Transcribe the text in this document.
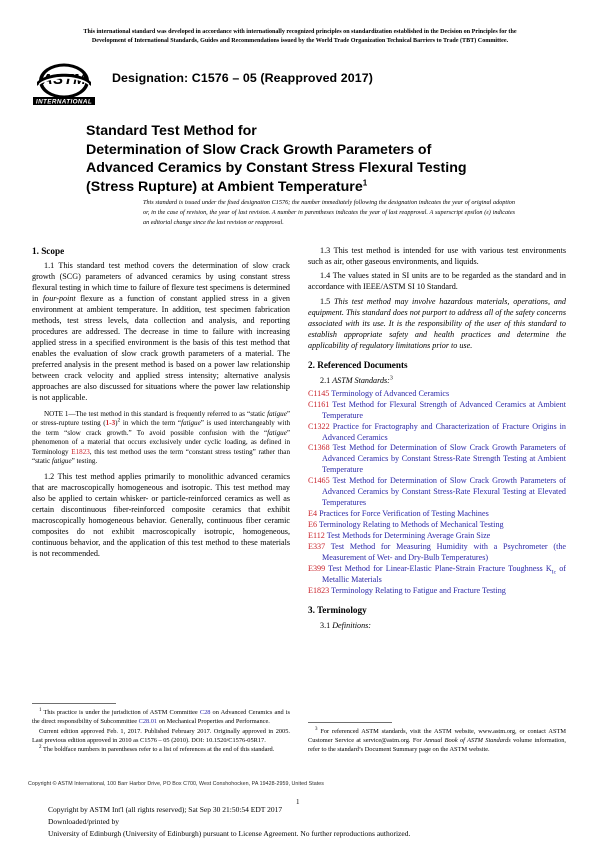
This international standard was developed in accordance with internationally recognized principles on standardization established in the Decision on Principles for the
Development of International Standards, Guides and Recommendations issued by the World Trade Organization Technical Barriers to Trade (TBT) Committee.
ASTM
INTERNATIONAL
Designation: C1576 – 05 (Reapproved 2017)
Standard Test Method for
Determination of Slow Crack Growth Parameters of
Advanced Ceramics by Constant Stress Flexural Testing
(Stress Rupture) at Ambient Temperature$^1$
This standard is issued under the fixed designation C1576; the number immediately following the designation indicates the year of original adoption or, in the case of revision, the year of last revision. A number in parentheses indicates the year of last reapproval. A superscript epsilon (ε) indicates an editorial change since the last revision or reapproval.
1. Scope

1.1 This standard test method covers the determination of slow crack growth (SCG) parameters of advanced ceramics by using constant stress flexural testing in which time to failure of flexure test specimens is determined in four-point flexure as a function of constant applied stress in a given environment at ambient temperature. In addition, test specimen fabrication methods, test stress levels, data collection and analysis, and reporting procedures are addressed. The decrease in time to failure with increasing applied stress in a specified environment is the basis of this test method that enables the evaluation of slow crack growth parameters of a material. The preferred analysis in the present method is based on a power law relationship between crack velocity and applied stress intensity; alternative analysis approaches are also discussed for situations where the power law relationship is not applicable.

NOTE 1—The test method in this standard is frequently referred to as “static fatigue” or stress-rupture testing $(1-3)^2$ in which the term “fatigue” is used interchangeably with the term “slow crack growth.” To avoid possible confusion with the “fatigue” phenomenon of a material that occurs exclusively under cyclic loading, as defined in Terminology E1823, this test method uses the term “constant stress testing” rather than “static fatigue” testing.

1.2 This test method applies primarily to monolithic advanced ceramics that are macroscopically homogeneous and isotropic. This test method may also be applied to certain whisker- or particle-reinforced ceramics as well as certain discontinuous fiber-reinforced composite ceramics that exhibit macroscopically homogeneous behavior. Generally, continuous fiber ceramic composites do not exhibit macroscopically isotropic, homogeneous, continuous behavior, and the application of this test method to these materials is not recommended.

1.3 This test method is intended for use with various test environments such as air, other gaseous environments, and liquids.

1.4 The values stated in SI units are to be regarded as the standard and in accordance with IEEE/ASTM SI 10 Standard.

1.5 This test method may involve hazardous materials, operations, and equipment. This standard does not purport to address all of the safety concerns associated with its use. It is the responsibility of the user of this standard to establish appropriate safety and health practices and determine the applicability of regulatory limitations prior to use.

2. Referenced Documents
2.1 ASTM Standards:$^3$
C1145 Terminology of Advanced Ceramics
C1161 Test Method for Flexural Strength of Advanced Ceramics at Ambient Temperature
C1322 Practice for Fractography and Characterization of Fracture Origins in Advanced Ceramics
C1368 Test Method for Determination of Slow Crack Growth Parameters of Advanced Ceramics by Constant Stress-Rate Strength Testing at Ambient Temperature
C1465 Test Method for Determination of Slow Crack Growth Parameters of Advanced Ceramics by Constant Stress-Rate Flexural Testing at Elevated Temperatures
E4 Practices for Force Verification of Testing Machines
E6 Terminology Relating to Methods of Mechanical Testing
E112 Test Methods for Determining Average Grain Size
E337 Test Method for Measuring Humidity with a Psychrometer (the Measurement of Wet- and Dry-Bulb Temperatures)
E399 Test Method for Linear-Elastic Plane-Strain Fracture Toughness $K_{Ic}$ of Metallic Materials
E1823 Terminology Relating to Fatigue and Fracture Testing
3. Terminology
3.1 Definitions:

$^1$ This practice is under the jurisdiction of ASTM Committee C28 on Advanced Ceramics and is the direct responsibility of Subcommittee C28.01 on Mechanical Properties and Performance.

Current edition approved Feb. 1, 2017. Published February 2017. Originally approved in 2005. Last previous edition approved in 2010 as C1576 – 05 (2010). DOI: 10.1520/C1576-05R17.

$^2$ The boldface numbers in parentheses refer to a list of references at the end of this standard.

$^3$ For referenced ASTM standards, visit the ASTM website, www.astm.org, or contact ASTM Customer Service at service@astm.org. For Annual Book of ASTM Standards volume information, refer to the standard’s Document Summary page on the ASTM website.

Copyright © ASTM International, 100 Barr Harbor Drive, PO Box C700, West Conshohocken, PA 19428-2959, United States
1
Copyright by ASTM Int'l (all rights reserved); Sat Sep 30 21:50:54 EDT 2017
Downloaded/printed by
University of Edinburgh (University of Edinburgh) pursuant to License Agreement. No further reproductions authorized.
